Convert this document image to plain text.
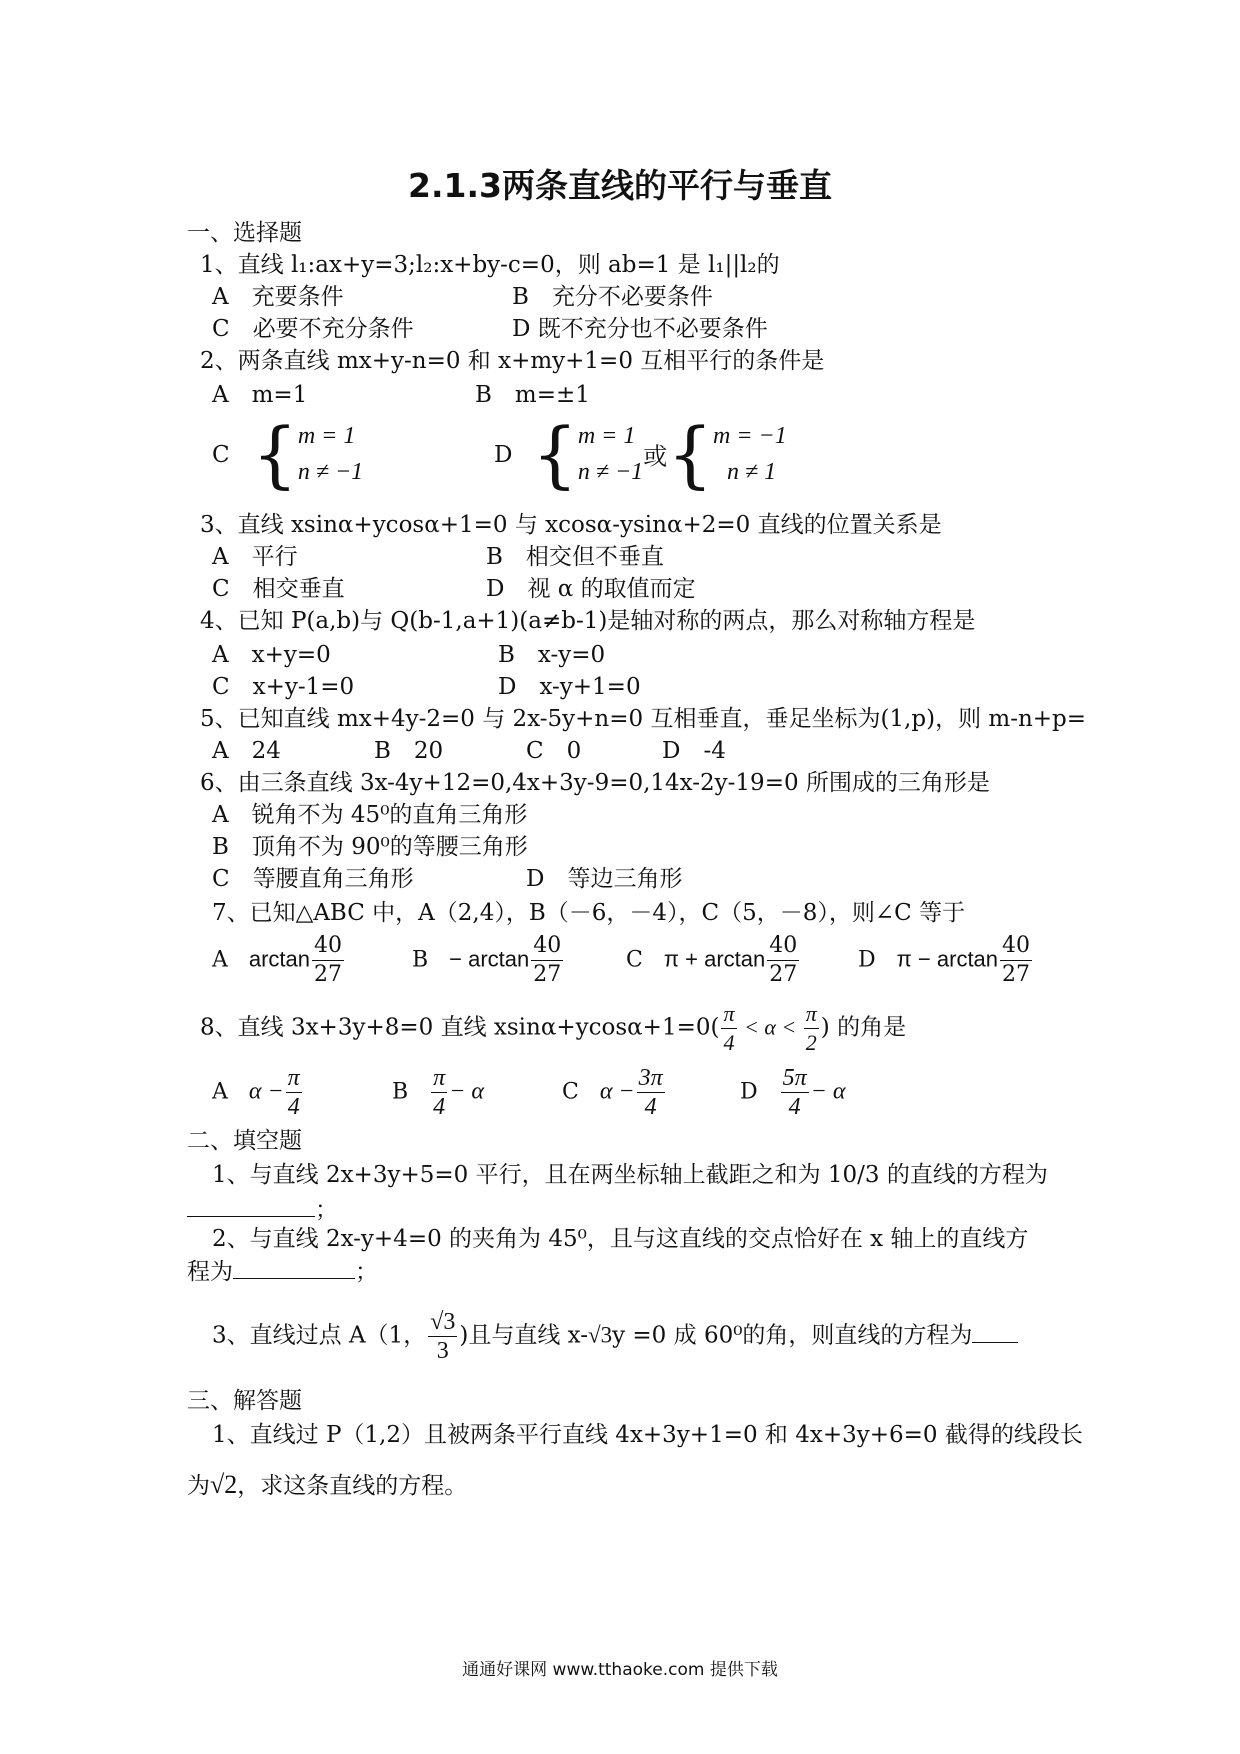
2.1.3两条直线的平行与垂直
一、选择题
1、直线 l₁:ax+y=3;l₂:x+by-c=0，则 ab=1 是 l₁||l₂的
A　充要条件	B　充分不必要条件
C　必要不充分条件	D 既不充分也不必要条件
2、两条直线 mx+y-n=0 和 x+my+1=0 互相平行的条件是
A　m=1	B　m=±1
C { m = 1
n ≠ −1
D { m = 1
n ≠ −1
或{ m = −1
n ≠ 1
3、直线 xsinα+ycosα+1=0 与 xcosα-ysinα+2=0 直线的位置关系是
A　平行	B　相交但不垂直
C　相交垂直	D　视 α 的取值而定
4、已知 P(a,b)与 Q(b-1,a+1)(a≠b-1)是轴对称的两点，那么对称轴方程是
A　x+y=0	B　x-y=0
C　x+y-1=0	D　x-y+1=0
5、已知直线 mx+4y-2=0 与 2x-5y+n=0 互相垂直，垂足坐标为(1,p)，则 m-n+p=
A　24	B　20	C　0	D　-4
6、由三条直线 3x-4y+12=0,4x+3y-9=0,14x-2y-19=0 所围成的三角形是
A　锐角不为 45⁰的直角三角形
B　顶角不为 90⁰的等腰三角形
C　等腰直角三角形	D　等边三角形
7、已知△ABC 中，A（2,4），B（－6，－4），C（5，－8），则∠C 等于
A $\arctan \frac{40}{27}$	$B - \arctan \frac{40}{27}$	C $\pi + \arctan \frac{40}{27}$	D $\pi - \arctan \frac{40}{27}$
8、直线 3x+3y+8=0 直线 $xsin\alpha+ycos\alpha+1=0( \frac{\pi}{4} < \alpha < \frac{\pi}{2}$ ) 的角是
A $\alpha - \frac{\pi}{4}$	B $\frac{\pi}{4} - \alpha$	C $\alpha - \frac{3\pi}{4}$	D $\frac{5\pi}{4} - \alpha$
二、填空题
1、与直线 2x+3y+5=0 平行，且在两坐标轴上截距之和为 10/3 的直线的方程为
；
2、与直线 2x-y+4=0 的夹角为 45⁰，且与这直线的交点恰好在 x 轴上的直线方
程为	；
3、直线过点 A（1， $\frac{√3}{3}$ )且与直线 x-√3y =0 成 60⁰的角，则直线的方程为
三、解答题
1、直线过 P（1,2）且被两条平行直线 4x+3y+1=0 和 4x+3y+6=0 截得的线段长
为√2，求这条直线的方程。
通通好课网 www.tthaoke.com 提供下载
